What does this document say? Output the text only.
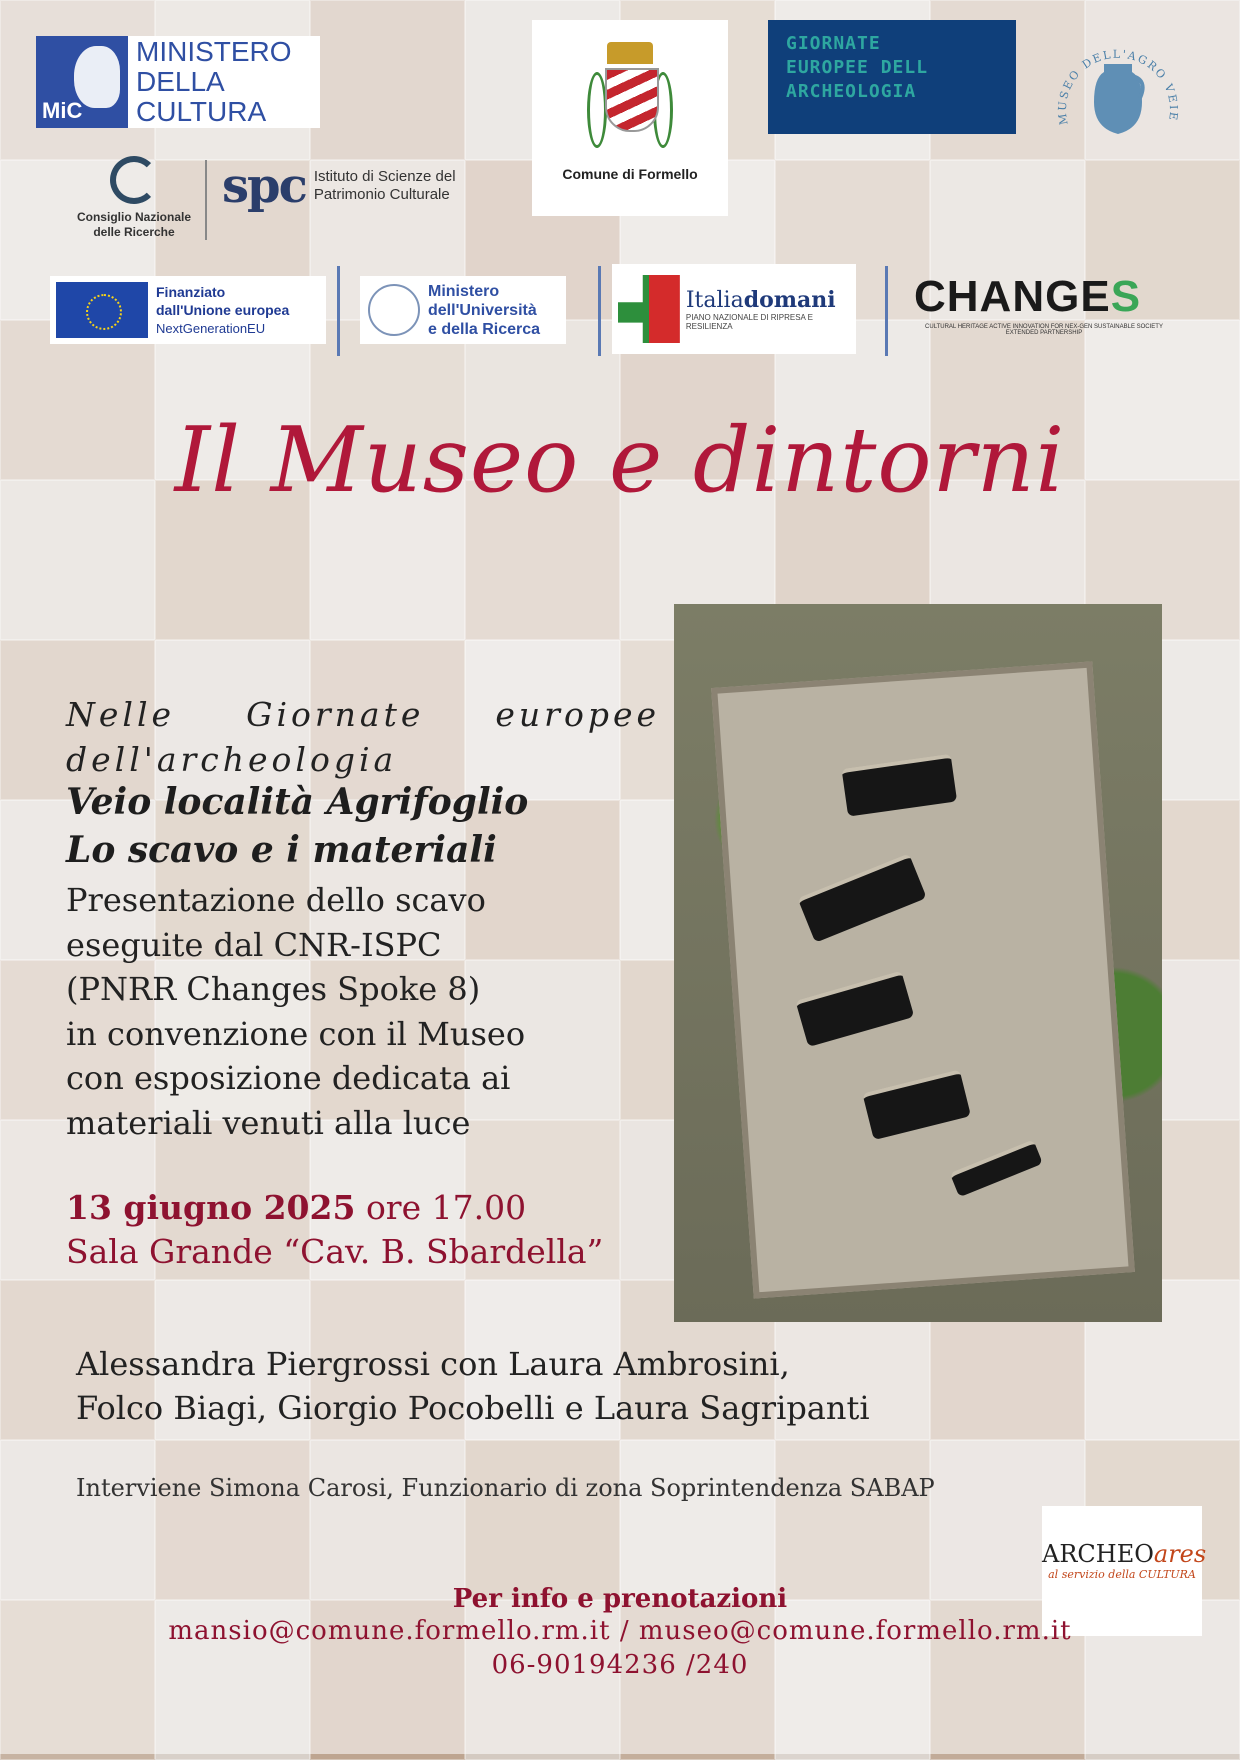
MiC
MINISTERO
DELLA
CULTURA
Consiglio Nazionale
delle Ricerche
spc Istituto di Scienze del
Patrimonio Culturale
Comune di Formello
GIORNATE
EUROPEE DELL
ARCHEOLOGIA
MUSEO DELL'AGRO VEIE
Finanziato
dall'Unione europea
NextGenerationEU
Ministero
dell'Università
e della Ricerca
Italiadomani
PIANO NAZIONALE DI RIPRESA E RESILIENZA
CHANGES
CULTURAL HERITAGE ACTIVE INNOVATION FOR NEX-GEN SUSTAINABLE SOCIETY EXTENDED PARTNERSHIP
Il Museo e dintorni
Nelle Giornate europee
dell'archeologia
Veio località Agrifoglio
Lo scavo e i materiali
Presentazione dello scavo
eseguite dal CNR-ISPC
(PNRR Changes Spoke 8)
in convenzione con il Museo
con esposizione dedicata ai
materiali venuti alla luce
13 giugno 2025 ore 17.00
Sala Grande “Cav. B. Sbardella”
Alessandra Piergrossi con Laura Ambrosini,
Folco Biagi, Giorgio Pocobelli e Laura Sagripanti
Interviene Simona Carosi, Funzionario di zona Soprintendenza SABAP
ARCHEOares
al servizio della CULTURA
Per info e prenotazioni
mansio@comune.formello.rm.it / museo@comune.formello.rm.it
06-90194236 /240
